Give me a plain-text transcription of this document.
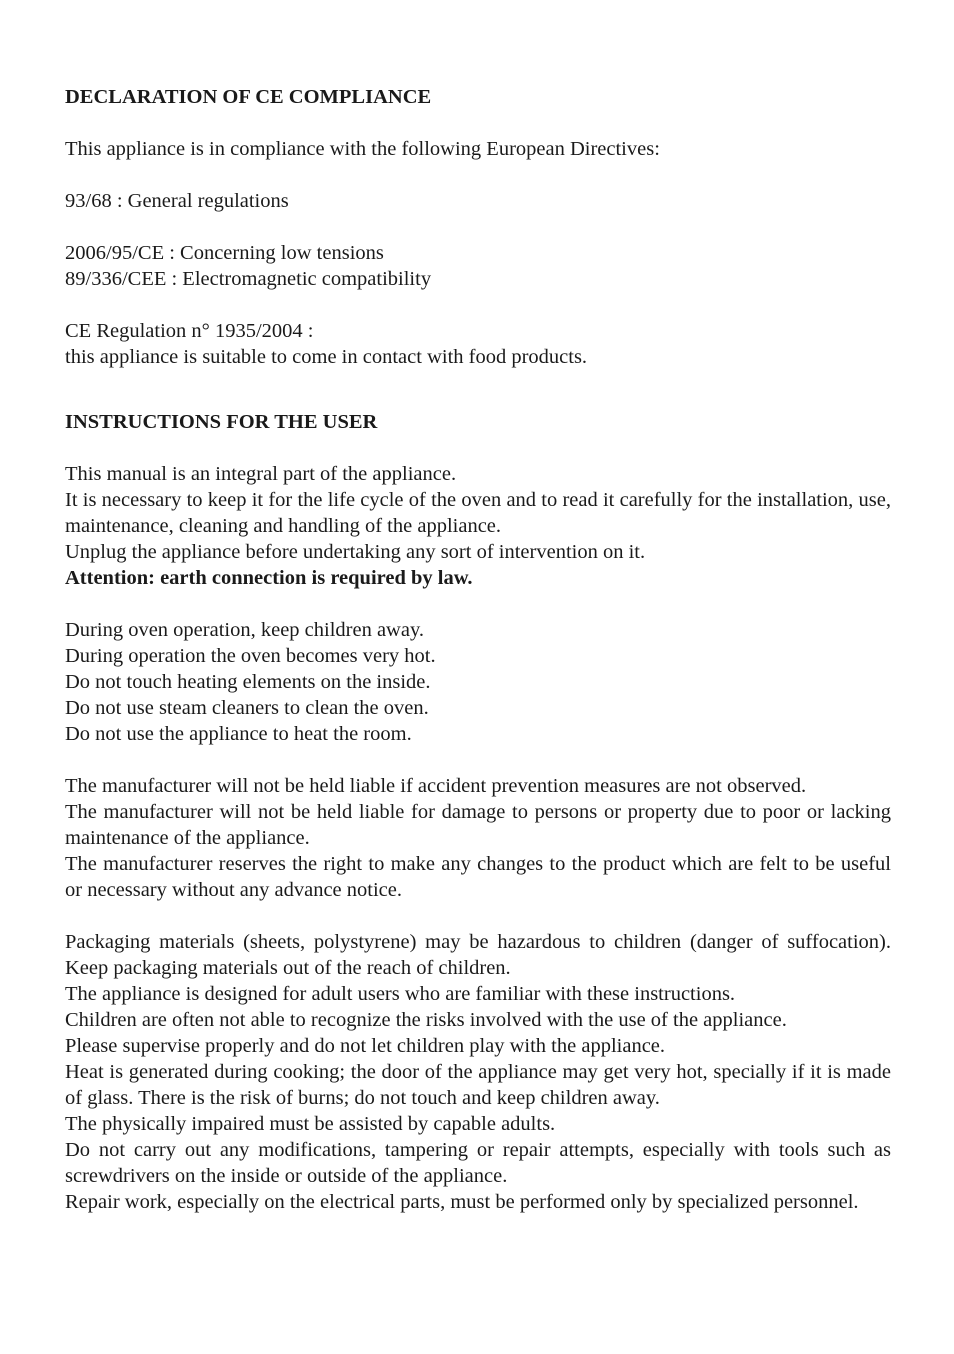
DECLARATION OF CE COMPLIANCE
This appliance is in compliance with the following European Directives:
93/68 : General regulations
2006/95/CE : Concerning low tensions
89/336/CEE : Electromagnetic compatibility
CE Regulation n° 1935/2004 :
this appliance is suitable to come in contact with food products.
INSTRUCTIONS FOR THE USER
This manual is an integral part of the appliance.
It is necessary to keep it for the life cycle of the oven and to read it carefully for the installation, use, maintenance, cleaning and handling of the appliance.
Unplug the appliance before undertaking any sort of intervention on it.
Attention: earth connection is required by law.
During oven operation, keep children away.
During operation the oven becomes very hot.
Do not touch heating elements on the inside.
Do not use steam cleaners to clean the oven.
Do not use the appliance to heat the room.
The manufacturer will not be held liable if accident prevention measures are not observed.
The manufacturer will not be held liable for damage to persons or property due to poor or lacking maintenance of the appliance.
The manufacturer reserves the right to make any changes to the product which are felt to be useful or necessary without any advance notice.
Packaging materials (sheets, polystyrene) may be hazardous to children (danger of suffocation). Keep packaging materials out of the reach of children.
The appliance is designed for adult users who are familiar with these instructions.
Children are often not able to recognize the risks involved with the use of the appliance.
Please supervise properly and do not let children play with the appliance.
Heat is generated during cooking; the door of the appliance may get very hot, specially if it is made of glass. There is the risk of burns; do not touch and keep children away.
The physically impaired must be assisted by capable adults.
Do not carry out any modifications, tampering or repair attempts, especially with tools such as screwdrivers on the inside or outside of the appliance.
Repair work, especially on the electrical parts, must be performed only by specialized personnel.
